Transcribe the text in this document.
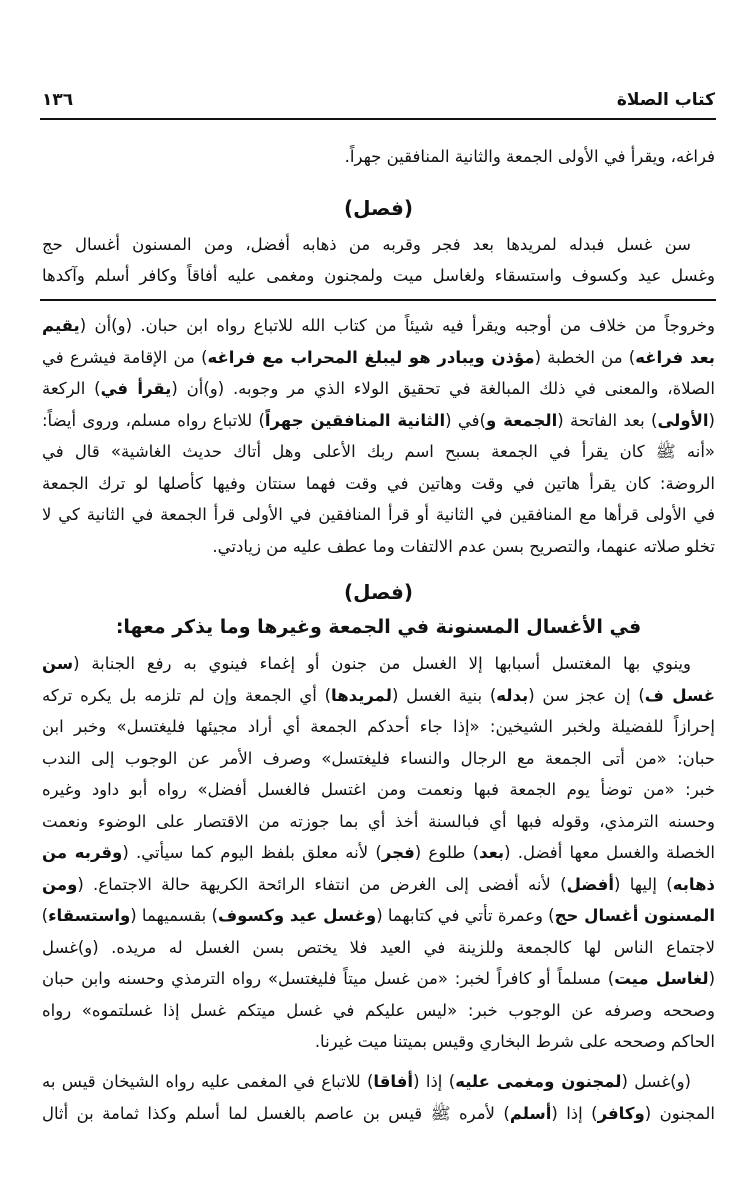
كتاب الصلاة
١٣٦
(فصل)
(فصل)
في الأغسال المسنونة في الجمعة وغيرها وما يذكر معها:
فراغه، ويقرأ في الأولى الجمعة والثانية المنافقين جهراً.
سن غسل فبدله لمريدها بعد فجر وقربه من ذهابه أفضل، ومن المسنون أغسال حج
وغسل عيد وكسوف واستسقاء ولغاسل ميت ولمجنون ومغمى عليه أفاقاً وكافر أسلم وآكدها
وخروجاً من خلاف من أوجبه ويقرأ فيه شيئاً من كتاب الله للاتباع رواه ابن حبان. (و)أن (يقيم
بعد فراغه) من الخطبة (مؤذن ويبادر هو ليبلغ المحراب مع فراغه) من الإقامة فيشرع في
الصلاة، والمعنى في ذلك المبالغة في تحقيق الولاء الذي مر وجوبه. (و)أن (يقرأ في) الركعة
(الأولى) بعد الفاتحة (الجمعة و)في (الثانية المنافقين جهراً) للاتباع رواه مسلم، وروى أيضاً:
«أنه ﷺ كان يقرأ في الجمعة بسبح اسم ربك الأعلى وهل أتاك حديث الغاشية» قال في
الروضة: كان يقرأ هاتين في وقت وهاتين في وقت فهما سنتان وفيها كأصلها لو ترك الجمعة
في الأولى قرأها مع المنافقين في الثانية أو قرأ المنافقين في الأولى قرأ الجمعة في الثانية كي لا
تخلو صلاته عنهما، والتصريح بسن عدم الالتفات وما عطف عليه من زيادتي.
وينوي بها المغتسل أسبابها إلا الغسل من جنون أو إغماء فينوي به رفع الجنابة (سن
غسل ف) إن عجز سن (بدله) بنية الغسل (لمريدها) أي الجمعة وإن لم تلزمه بل يكره تركه
إحرازاً للفضيلة ولخبر الشيخين: «إذا جاء أحدكم الجمعة أي أراد مجيئها فليغتسل» وخبر ابن
حبان: «من أتى الجمعة مع الرجال والنساء فليغتسل» وصرف الأمر عن الوجوب إلى الندب
خبر: «من توضأ يوم الجمعة فبها ونعمت ومن اغتسل فالغسل أفضل» رواه أبو داود وغيره
وحسنه الترمذي، وقوله فبها أي فبالسنة أخذ أي بما جوزته من الاقتصار على الوضوء ونعمت
الخصلة والغسل معها أفضل. (بعد) طلوع (فجر) لأنه معلق بلفظ اليوم كما سيأتي. (وقربه من
ذهابه) إليها (أفضل) لأنه أفضى إلى الغرض من انتفاء الرائحة الكريهة حالة الاجتماع. (ومن
المسنون أغسال حج) وعمرة تأتي في كتابهما (وغسل عيد وكسوف) بقسميهما (واستسقاء)
لاجتماع الناس لها كالجمعة وللزينة في العيد فلا يختص بسن الغسل له مريده. (و)غسل
(لغاسل ميت) مسلماً أو كافراً لخبر: «من غسل ميتاً فليغتسل» رواه الترمذي وحسنه وابن حبان
وصححه وصرفه عن الوجوب خبر: «ليس عليكم في غسل ميتكم غسل إذا غسلتموه» رواه
الحاكم وصححه على شرط البخاري وقيس بميتنا ميت غيرنا.
(و)غسل (لمجنون ومغمى عليه) إذا (أفاقا) للاتباع في المغمى عليه رواه الشيخان قيس به
المجنون (وكافر) إذا (أسلم) لأمره ﷺ قيس بن عاصم بالغسل لما أسلم وكذا ثمامة بن أثال
